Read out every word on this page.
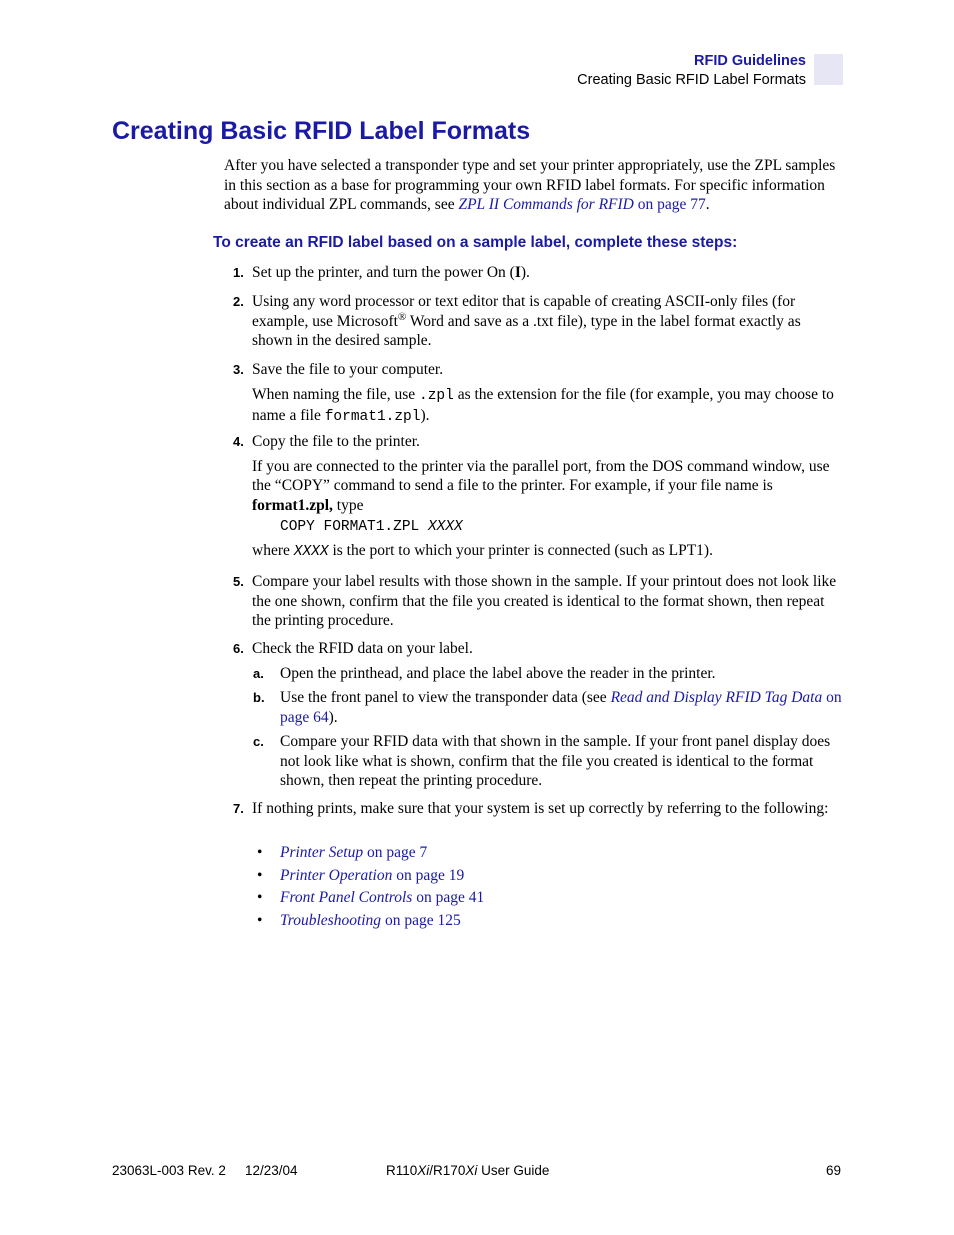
RFID Guidelines
Creating Basic RFID Label Formats
Creating Basic RFID Label Formats

After you have selected a transponder type and set your printer appropriately, use the ZPL samples in this section as a base for programming your own RFID label formats. For specific information about individual ZPL commands, see ZPL II Commands for RFID on page 77.

To create an RFID label based on a sample label, complete these steps:
1. Set up the printer, and turn the power On (I).

2. Using any word processor or text editor that is capable of creating ASCII-only files (for example, use Microsoft® Word and save as a .txt file), type in the label format exactly as shown in the desired sample.

3. Save the file to your computer.

When naming the file, use .zpl as the extension for the file (for example, you may choose to name a file format1.zpl).

4. Copy the file to the printer.

If you are connected to the printer via the parallel port, from the DOS command window, use the “COPY” command to send a file to the printer. For example, if your file name is format1.zpl, type

COPY FORMAT1.ZPL XXXX

where XXXX is the port to which your printer is connected (such as LPT1).

5. Compare your label results with those shown in the sample. If your printout does not look like the one shown, confirm that the file you created is identical to the format shown, then repeat the printing procedure.

6. Check the RFID data on your label.

a. Open the printhead, and place the label above the reader in the printer.

b. Use the front panel to view the transponder data (see Read and Display RFID Tag Data on page 64).

c. Compare your RFID data with that shown in the sample. If your front panel display does not look like what is shown, confirm that the file you created is identical to the format shown, then repeat the printing procedure.

7. If nothing prints, make sure that your system is set up correctly by referring to the following:

• Printer Setup on page 7
• Printer Operation on page 19
• Front Panel Controls on page 41
• Troubleshooting on page 125
23063L-003 Rev. 2 12/23/04	R110Xi/R170Xi User Guide	69
